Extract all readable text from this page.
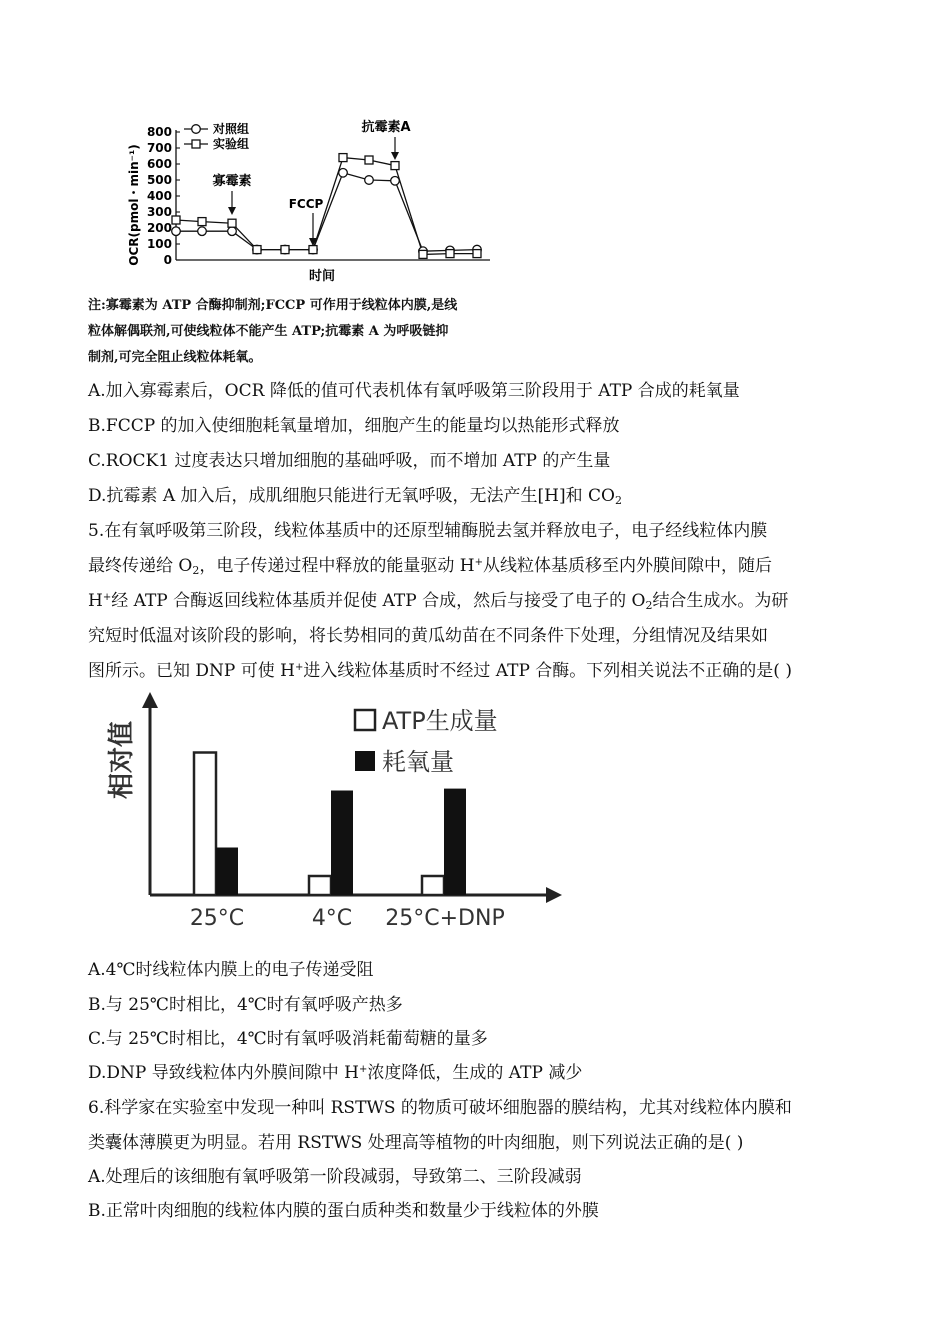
0
100
200
300
400
500
600
700
800
OCR(pmol・min⁻¹)
时间
对照组
实验组
寡霉素
FCCP
抗霉素A
注:寡霉素为 ATP 合酶抑制剂;FCCP 可作用于线粒体内膜,是线
粒体解偶联剂,可使线粒体不能产生 ATP;抗霉素 A 为呼吸链抑
制剂,可完全阻止线粒体耗氧。
A.加入寡霉素后，OCR 降低的值可代表机体有氧呼吸第三阶段用于 ATP 合成的耗氧量
B.FCCP 的加入使细胞耗氧量增加，细胞产生的能量均以热能形式释放
C.ROCK1 过度表达只增加细胞的基础呼吸，而不增加 ATP 的产生量
D.抗霉素 A 加入后，成肌细胞只能进行无氧呼吸，无法产生[H]和 $CO_2$
5.在有氧呼吸第三阶段，线粒体基质中的还原型辅酶脱去氢并释放电子，电子经线粒体内膜
最终传递给 $O_2$，电子传递过程中释放的能量驱动 H+从线粒体基质移至内外膜间隙中，随后
H+经 ATP 合酶返回线粒体基质并促使 ATP 合成，然后与接受了电子的 $O_2$结合生成水。为研
究短时低温对该阶段的影响，将长势相同的黄瓜幼苗在不同条件下处理，分组情况及结果如
图所示。已知 DNP 可使 H+进入线粒体基质时不经过 ATP 合酶。下列相关说法不正确的是( )
相对值
25°C	4°C 25°C+DNP
ATP生成量
耗氧量
A.4℃时线粒体内膜上的电子传递受阻
B.与 25℃时相比，4℃时有氧呼吸产热多
C.与 25℃时相比，4℃时有氧呼吸消耗葡萄糖的量多
D.DNP 导致线粒体内外膜间隙中 H+浓度降低，生成的 ATP 减少
6.科学家在实验室中发现一种叫 RSTWS 的物质可破坏细胞器的膜结构，尤其对线粒体内膜和
类囊体薄膜更为明显。若用 RSTWS 处理高等植物的叶肉细胞，则下列说法正确的是( )
A.处理后的该细胞有氧呼吸第一阶段减弱，导致第二、三阶段减弱
B.正常叶肉细胞的线粒体内膜的蛋白质种类和数量少于线粒体的外膜
